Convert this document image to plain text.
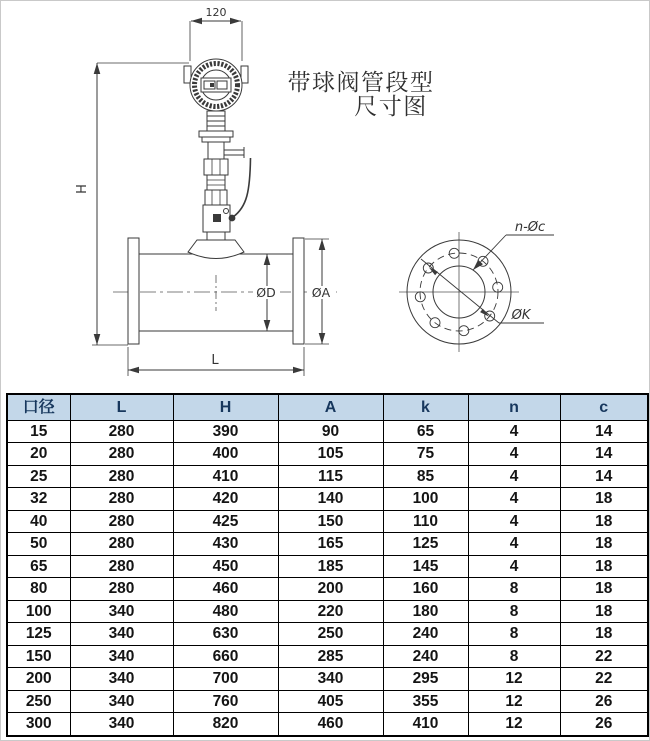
120
H
ØD	ØA
L
n-Øc
ØK
带球阀管段型
尺寸图
口径	L	H	A	k	n	c
15	280	390	90	65	4	14
20	280	400	105	75	4	14
25	280	410	115	85	4	14
32	280	420	140	100	4	18
40	280	425	150	110	4	18
50	280	430	165	125	4	18
65	280	450	185	145	4	18
80	280	460	200	160	8	18
100	340	480	220	180	8	18
125	340	630	250	240	8	18
150	340	660	285	240	8	22
200	340	700	340	295	12	22
250	340	760	405	355	12	26
300	340	820	460	410	12	26
